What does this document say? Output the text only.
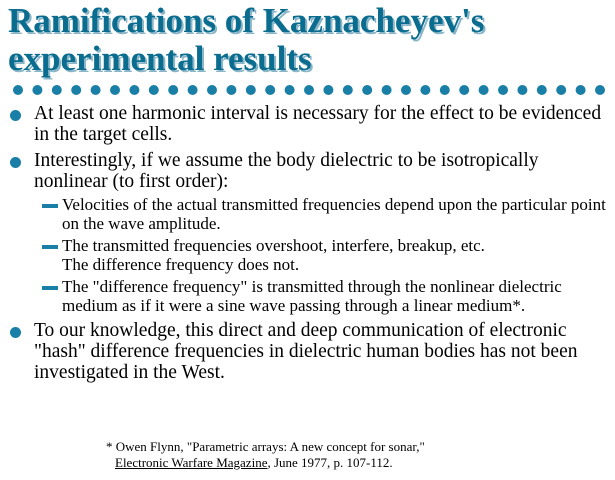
Ramifications of Kaznacheyev's
experimental results
At least one harmonic interval is necessary for the effect to be evidenced in the target cells.
Interestingly, if we assume the body dielectric to be isotropically nonlinear (to first order):
Velocities of the actual transmitted frequencies depend upon the particular point on the wave amplitude.
The transmitted frequencies overshoot, interfere, breakup, etc.
The difference frequency does not.
The "difference frequency" is transmitted through the nonlinear dielectric medium as if it were a sine wave passing through a linear medium*.
To our knowledge, this direct and deep communication of electronic "hash" difference frequencies in dielectric human bodies has not been investigated in the West.
* Owen Flynn, "Parametric arrays: A new concept for sonar,"
Electronic Warfare Magazine, June 1977, p. 107-112.
